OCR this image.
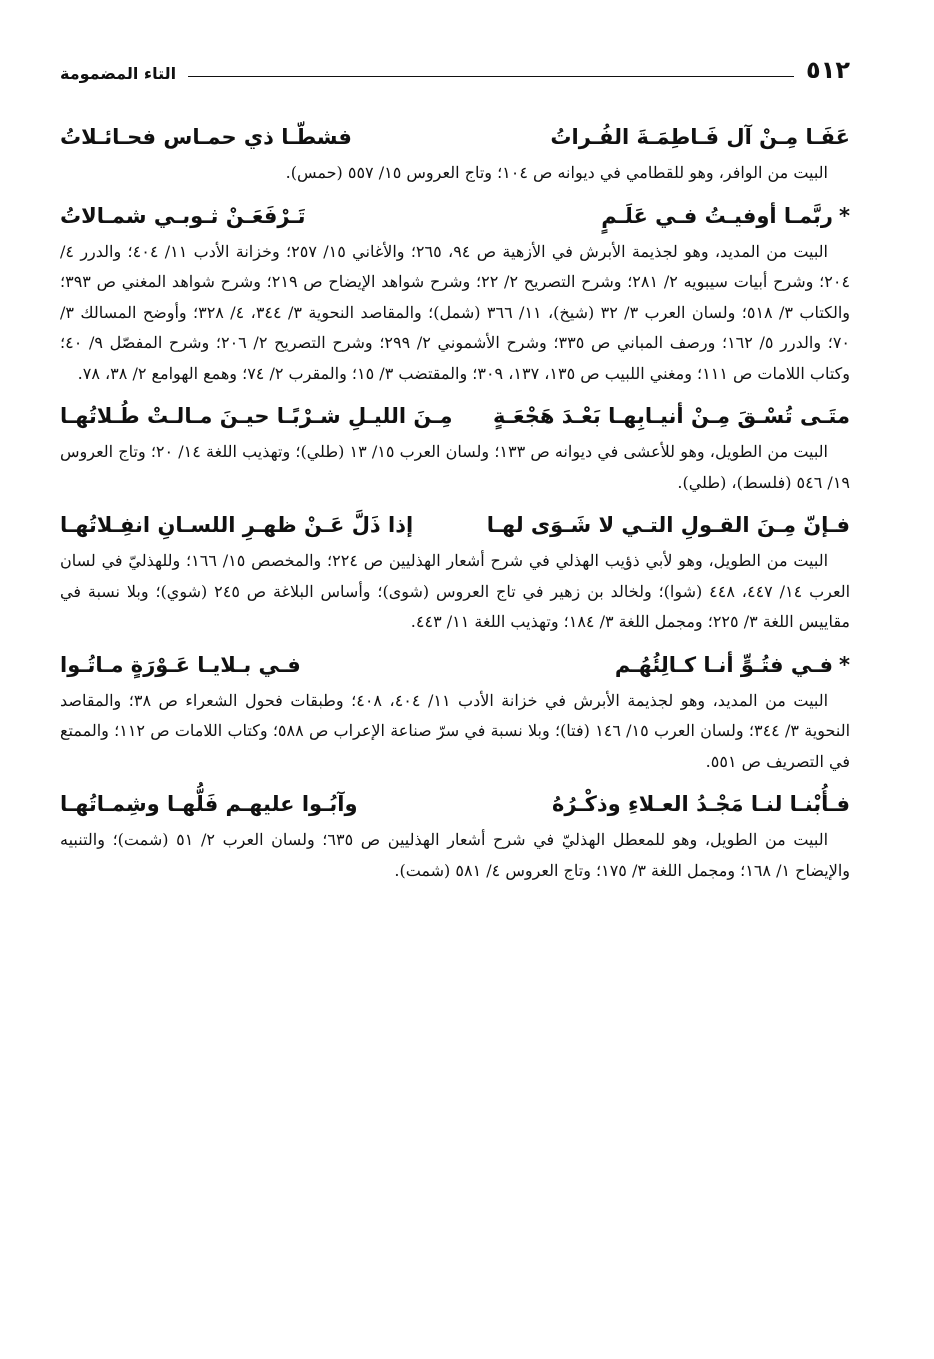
٥١٢
التاء المضمومة
عَفَـا مِـنْ آل فَـاطِمَـةَ الفُـراتُ
فشطّـا ذي حمـاس فحـائـلاتُ

البيت من الوافر، وهو للقطامي في ديوانه ص ١٠٤؛ وتاج العروس ١٥/ ٥٥٧ (حمس).

*ربَّمـا أوفيـتُ فـي عَلَـمٍ
تَـرْفَعَـنْ ثـوبـي شمـالاتُ

البيت من المديد، وهو لجذيمة الأبرش في الأزهية ص ٩٤، ٢٦٥؛ والأغاني ١٥/ ٢٥٧؛ وخزانة الأدب ١١/ ٤٠٤؛ والدرر ٤/ ٢٠٤؛ وشرح أبيات سيبويه ٢/ ٢٨١؛ وشرح التصريح ٢/ ٢٢؛ وشرح شواهد الإيضاح ص ٢١٩؛ وشرح شواهد المغني ص ٣٩٣؛ والكتاب ٣/ ٥١٨؛ ولسان العرب ٣/ ٣٢ (شيخ)، ١١/ ٣٦٦ (شمل)؛ والمقاصد النحوية ٣/ ٣٤٤، ٤/ ٣٢٨؛ وأوضح المسالك ٣/ ٧٠؛ والدرر ٥/ ١٦٢؛ ورصف المباني ص ٣٣٥؛ وشرح الأشموني ٢/ ٢٩٩؛ وشرح التصريح ٢/ ٢٠٦؛ وشرح المفصّل ٩/ ٤٠؛ وكتاب اللامات ص ١١١؛ ومغني اللبيب ص ١٣٥، ١٣٧، ٣٠٩؛ والمقتضب ٣/ ١٥؛ والمقرب ٢/ ٧٤؛ وهمع الهوامع ٢/ ٣٨، ٧٨.

متَـى تُسْـقَ مِـنْ أنيـابِهـا بَعْـدَ هَجْعَـةٍ
مِـنَ الليـلِ شـرْبًـا حيـنَ مـالـتْ طُـلاتُهـا

البيت من الطويل، وهو للأعشى في ديوانه ص ١٣٣؛ ولسان العرب ١٥/ ١٣ (طلي)؛ وتهذيب اللغة ١٤/ ٢٠؛ وتاج العروس ١٩/ ٥٤٦ (فلسط)، (طلي).

فـإنّ مِـنَ القـولِ التـي لا شَـوَى لهـا
إذا ذَلَّ عَـنْ ظهـرِ اللسـانِ انفِـلاتُهـا

البيت من الطويل، وهو لأبي ذؤيب الهذلي في شرح أشعار الهذليين ص ٢٢٤؛ والمخصص ١٥/ ١٦٦؛ وللهذليّ في لسان العرب ١٤/ ٤٤٧، ٤٤٨ (شوا)؛ ولخالد بن زهير في تاج العروس (شوى)؛ وأساس البلاغة ص ٢٤٥ (شوي)؛ وبلا نسبة في مقاييس اللغة ٣/ ٢٢٥؛ ومجمل اللغة ٣/ ١٨٤؛ وتهذيب اللغة ١١/ ٤٤٣.

*فـي فتُـوٍّ أنـا كـالِئُهُـم
فـي بـلايـا عَـوْرَةٍ مـاتُـوا

البيت من المديد، وهو لجذيمة الأبرش في خزانة الأدب ١١/ ٤٠٤، ٤٠٨؛ وطبقات فحول الشعراء ص ٣٨؛ والمقاصد النحوية ٣/ ٣٤٤؛ ولسان العرب ١٥/ ١٤٦ (فتا)؛ وبلا نسبة في سرّ صناعة الإعراب ص ٥٨٨؛ وكتاب اللامات ص ١١٢؛ والممتع في التصريف ص ٥٥١.

فـأُبْنـا لنـا مَجْـدُ العـلاءِ وذكْـرُهُ
وآبُـوا عليهـم فَلُّهـا وشِمـاتُهـا

البيت من الطويل، وهو للمعطل الهذليّ في شرح أشعار الهذليين ص ٦٣٥؛ ولسان العرب ٢/ ٥١ (شمت)؛ والتنبيه والإيضاح ١/ ١٦٨؛ ومجمل اللغة ٣/ ١٧٥؛ وتاج العروس ٤/ ٥٨١ (شمت).
